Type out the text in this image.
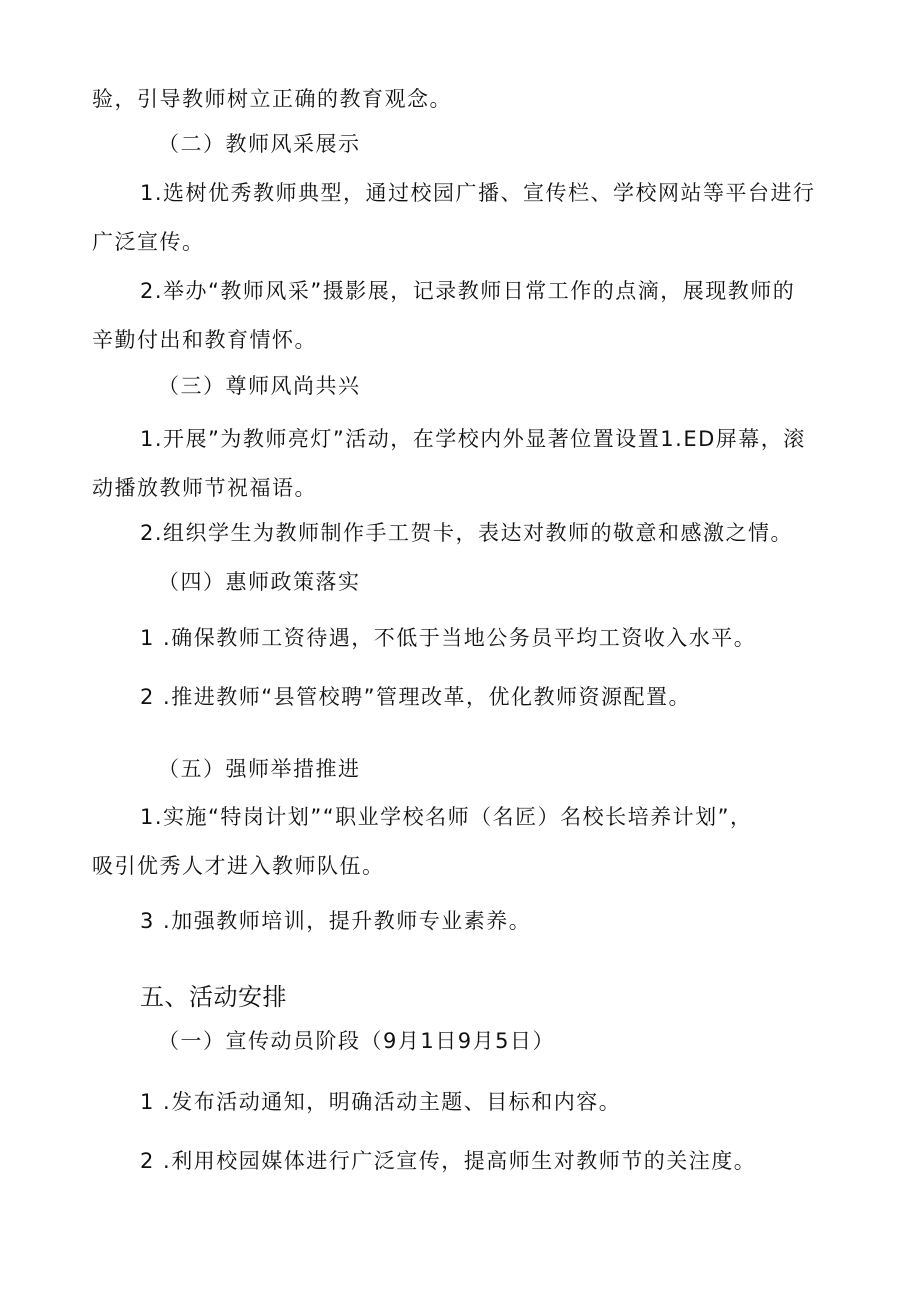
验，引导教师树立正确的教育观念。

（二）教师风采展示

1.选树优秀教师典型，通过校园广播、宣传栏、学校网站等平台进行

广泛宣传。

2.举办“教师风采”摄影展，记录教师日常工作的点滴，展现教师的

辛勤付出和教育情怀。

（三）尊师风尚共兴

1.开展”为教师亮灯”活动，在学校内外显著位置设置1.ED屏幕，滚

动播放教师节祝福语。

2.组织学生为教师制作手工贺卡，表达对教师的敬意和感激之情。

（四）惠师政策落实

1 .确保教师工资待遇，不低于当地公务员平均工资收入水平。

2 .推进教师“县管校聘”管理改革，优化教师资源配置。

（五）强师举措推进

1.实施“特岗计划”“职业学校名师（名匠）名校长培养计划”，

吸引优秀人才进入教师队伍。

3 .加强教师培训，提升教师专业素养。

五、活动安排

（一）宣传动员阶段（9月1日9月5日）

1 .发布活动通知，明确活动主题、目标和内容。

2 .利用校园媒体进行广泛宣传，提高师生对教师节的关注度。
